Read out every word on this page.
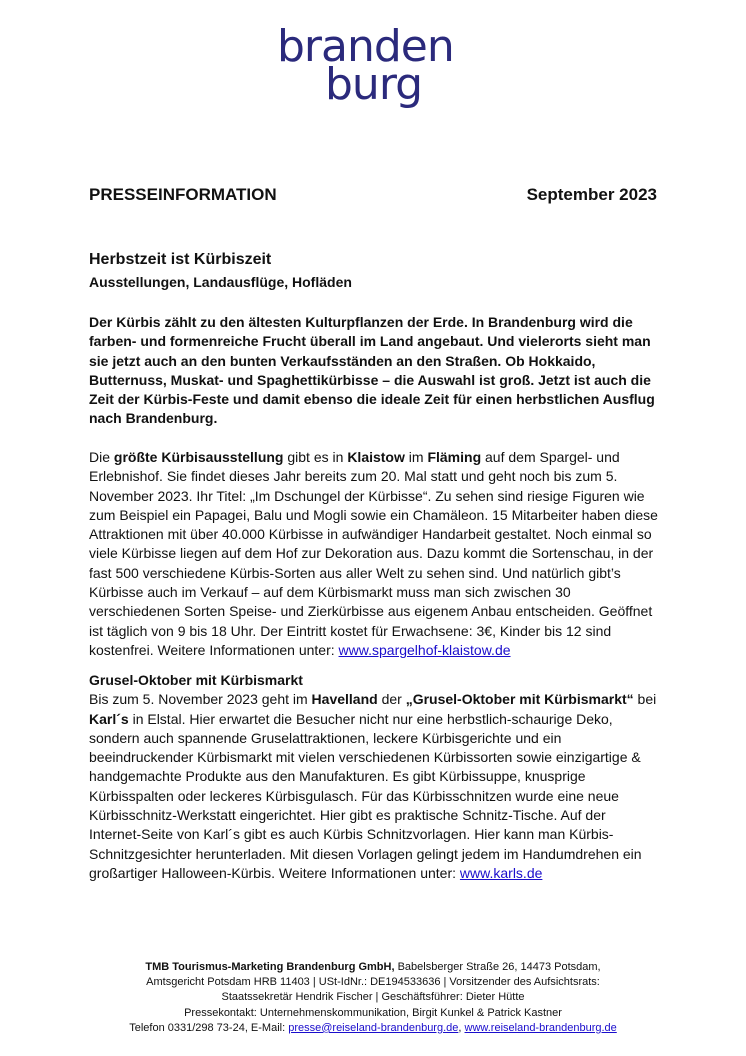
branden
burg
PRESSEINFORMATION	September 2023
Herbstzeit ist Kürbiszeit
Ausstellungen, Landausflüge, Hofläden
Der Kürbis zählt zu den ältesten Kulturpflanzen der Erde. In Brandenburg wird die farben- und formenreiche Frucht überall im Land angebaut. Und vielerorts sieht man sie jetzt auch an den bunten Verkaufsständen an den Straßen. Ob Hokkaido, Butternuss, Muskat- und Spaghettikürbisse – die Auswahl ist groß. Jetzt ist auch die Zeit der Kürbis-Feste und damit ebenso die ideale Zeit für einen herbstlichen Ausflug nach Brandenburg.
Die größte Kürbisausstellung gibt es in Klaistow im Fläming auf dem Spargel- und Erlebnishof. Sie findet dieses Jahr bereits zum 20. Mal statt und geht noch bis zum 5. November 2023. Ihr Titel: „Im Dschungel der Kürbisse“. Zu sehen sind riesige Figuren wie zum Beispiel ein Papagei, Balu und Mogli sowie ein Chamäleon. 15 Mitarbeiter haben diese Attraktionen mit über 40.000 Kürbisse in aufwändiger Handarbeit gestaltet. Noch einmal so viele Kürbisse liegen auf dem Hof zur Dekoration aus. Dazu kommt die Sortenschau, in der fast 500 verschiedene Kürbis-Sorten aus aller Welt zu sehen sind. Und natürlich gibt’s Kürbisse auch im Verkauf – auf dem Kürbismarkt muss man sich zwischen 30 verschiedenen Sorten Speise- und Zierkürbisse aus eigenem Anbau entscheiden. Geöffnet ist täglich von 9 bis 18 Uhr. Der Eintritt kostet für Erwachsene: 3€, Kinder bis 12 sind kostenfrei. Weitere Informationen unter: www.spargelhof-klaistow.de
Grusel-Oktober mit Kürbismarkt
Bis zum 5. November 2023 geht im Havelland der „Grusel-Oktober mit Kürbismarkt“ bei Karl´s in Elstal. Hier erwartet die Besucher nicht nur eine herbstlich-schaurige Deko, sondern auch spannende Gruselattraktionen, leckere Kürbisgerichte und ein beeindruckender Kürbismarkt mit vielen verschiedenen Kürbissorten sowie einzigartige & handgemachte Produkte aus den Manufakturen. Es gibt Kürbissuppe, knusprige Kürbisspalten oder leckeres Kürbisgulasch. Für das Kürbisschnitzen wurde eine neue Kürbisschnitz-Werkstatt eingerichtet. Hier gibt es praktische Schnitz-Tische. Auf der Internet-Seite von Karl´s gibt es auch Kürbis Schnitzvorlagen. Hier kann man Kürbis-Schnitzgesichter herunterladen. Mit diesen Vorlagen gelingt jedem im Handumdrehen ein großartiger Halloween-Kürbis. Weitere Informationen unter: www.karls.de
TMB Tourismus-Marketing Brandenburg GmbH, Babelsberger Straße 26, 14473 Potsdam,
Amtsgericht Potsdam HRB 11403 | USt-IdNr.: DE194533636 | Vorsitzender des Aufsichtsrats:
Staatssekretär Hendrik Fischer | Geschäftsführer: Dieter Hütte
Pressekontakt: Unternehmenskommunikation, Birgit Kunkel & Patrick Kastner
Telefon 0331/298 73-24, E-Mail: presse@reiseland-brandenburg.de, www.reiseland-brandenburg.de
